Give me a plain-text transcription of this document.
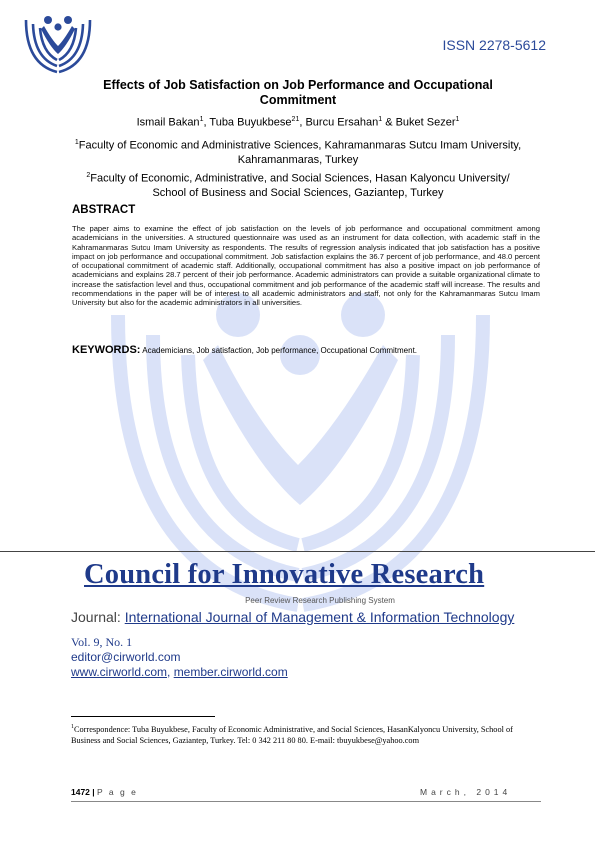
ISSN 2278-5612
Effects of Job Satisfaction on Job Performance and Occupational Commitment
Ismail Bakan$^1$, Tuba Buyukbese$^{21}$, Burcu Ersahan$^1$ & Buket Sezer$^1$
$^1$Faculty of Economic and Administrative Sciences, Kahramanmaras Sutcu Imam University, Kahramanmaras, Turkey
$^2$Faculty of Economic, Administrative, and Social Sciences, Hasan Kalyoncu University/ School of Business and Social Sciences, Gaziantep, Turkey
ABSTRACT
The paper aims to examine the effect of job satisfaction on the levels of job performance and occupational commitment among academicians in the universities. A structured questionnaire was used as an instrument for data collection, with academic staff in the Kahramanmaras Sutcu Imam University as respondents. The results of regression analysis indicated that job satisfaction has a positive impact on job performance and occupational commitment. Job satisfaction explains the 36.7 percent of job performance, and 48.0 percent of occupational commitment of academic staff. Additionally, occupational commitment has also a positive impact on job performance of academicians and explains 28.7 percent of their job performance. Academic administrators can provide a suitable organizational climate to increase the satisfaction level and thus, occupational commitment and job performance of the academic staff will increase. The results and recommendations in the paper will be of interest to all academic administrators and staff, not only for the Kahramanmaras Sutcu Imam University but also for the academic administrators in all universities.
KEYWORDS: Academicians, Job satisfaction, Job performance, Occupational Commitment.
Council for Innovative Research
Peer Review Research Publishing System
Journal: International Journal of Management & Information Technology
Vol. 9, No. 1
editor@cirworld.com
www.cirworld.com, member.cirworld.com
$^1$Correspondence: Tuba Buyukbese, Faculty of Economic Administrative, and Social Sciences, HasanKalyoncu University, School of Business and Social Sciences, Gaziantep, Turkey. Tel: 0 342 211 80 80. E-mail: tbuyukbese@yahoo.com
1472 | P a g e	March, 2014
